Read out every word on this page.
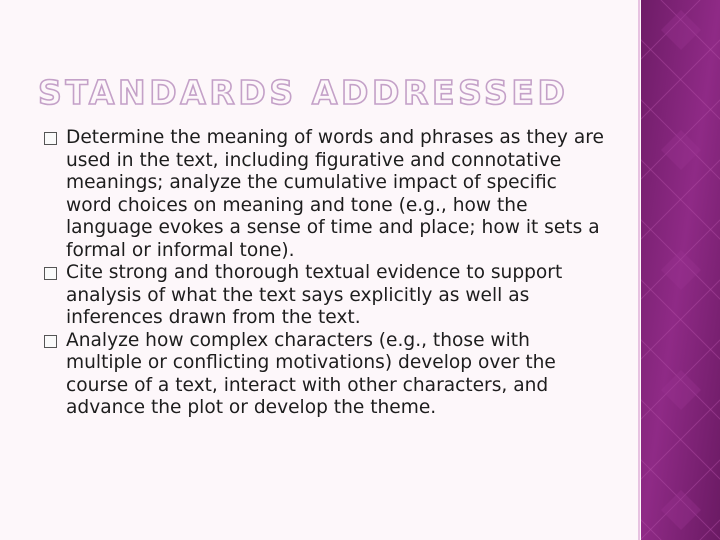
STANDARDS ADDRESSED
Determine the meaning of words and phrases as they are used in the text, including figurative and connotative meanings; analyze the cumulative impact of specific word choices on meaning and tone (e.g., how the language evokes a sense of time and place; how it sets a formal or informal tone).
Cite strong and thorough textual evidence to support analysis of what the text says explicitly as well as inferences drawn from the text.
Analyze how complex characters (e.g., those with multiple or conflicting motivations) develop over the course of a text, interact with other characters, and advance the plot or develop the theme.
